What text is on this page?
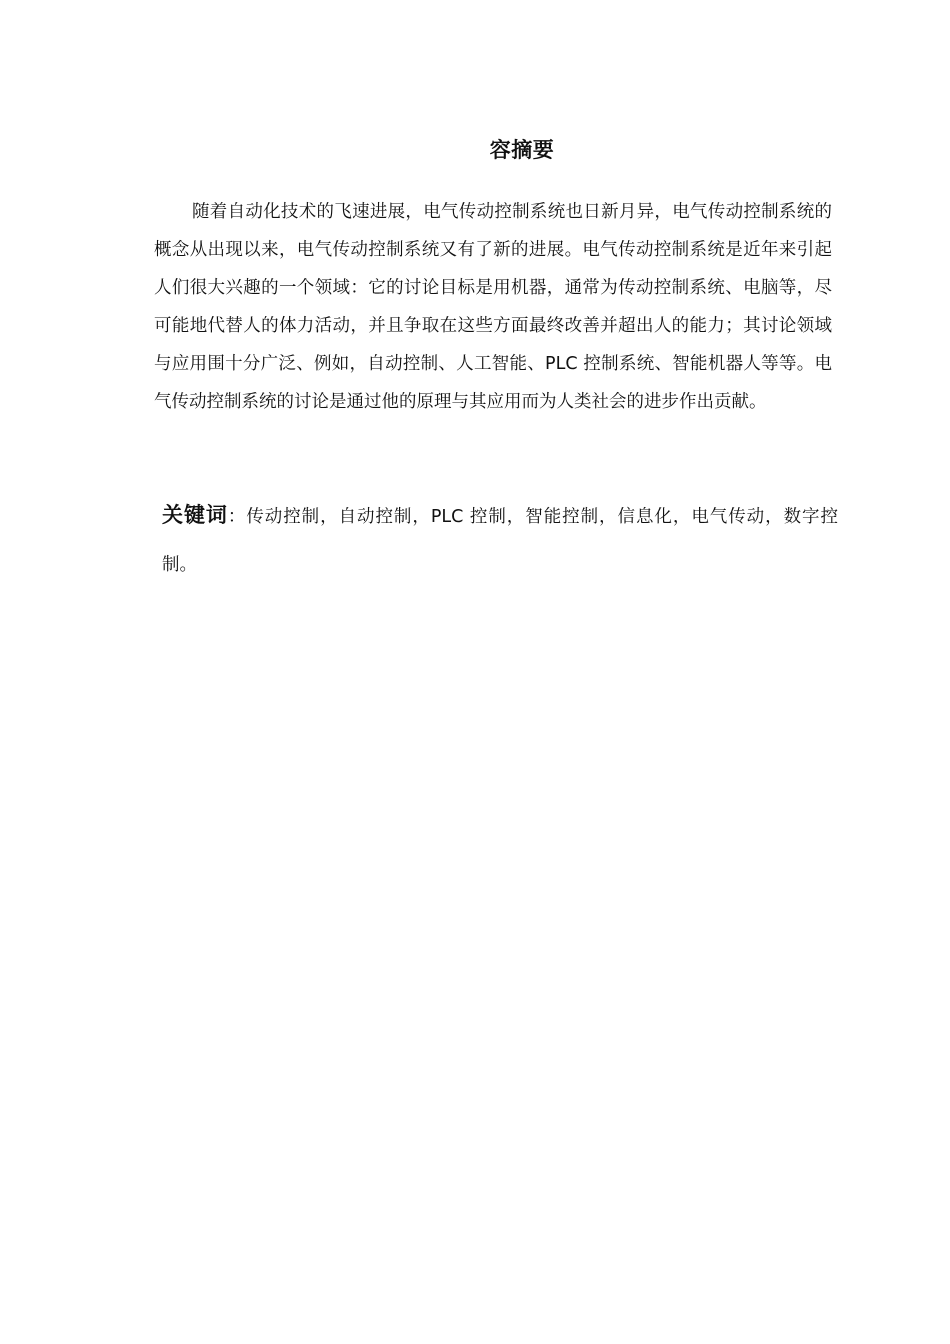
容摘要

随着自动化技术的飞速进展，电气传动控制系统也日新月异，电气传动控制系统的概念从出现以来，电气传动控制系统又有了新的进展。电气传动控制系统是近年来引起人们很大兴趣的一个领域：它的讨论目标是用机器，通常为传动控制系统、电脑等，尽可能地代替人的体力活动，并且争取在这些方面最终改善并超出人的能力；其讨论领域与应用围十分广泛、例如，自动控制、人工智能、PLC 控制系统、智能机器人等等。电气传动控制系统的讨论是通过他的原理与其应用而为人类社会的进步作出贡献。

关键词：传动控制，自动控制，PLC 控制，智能控制，信息化，电气传动，数字控制。
